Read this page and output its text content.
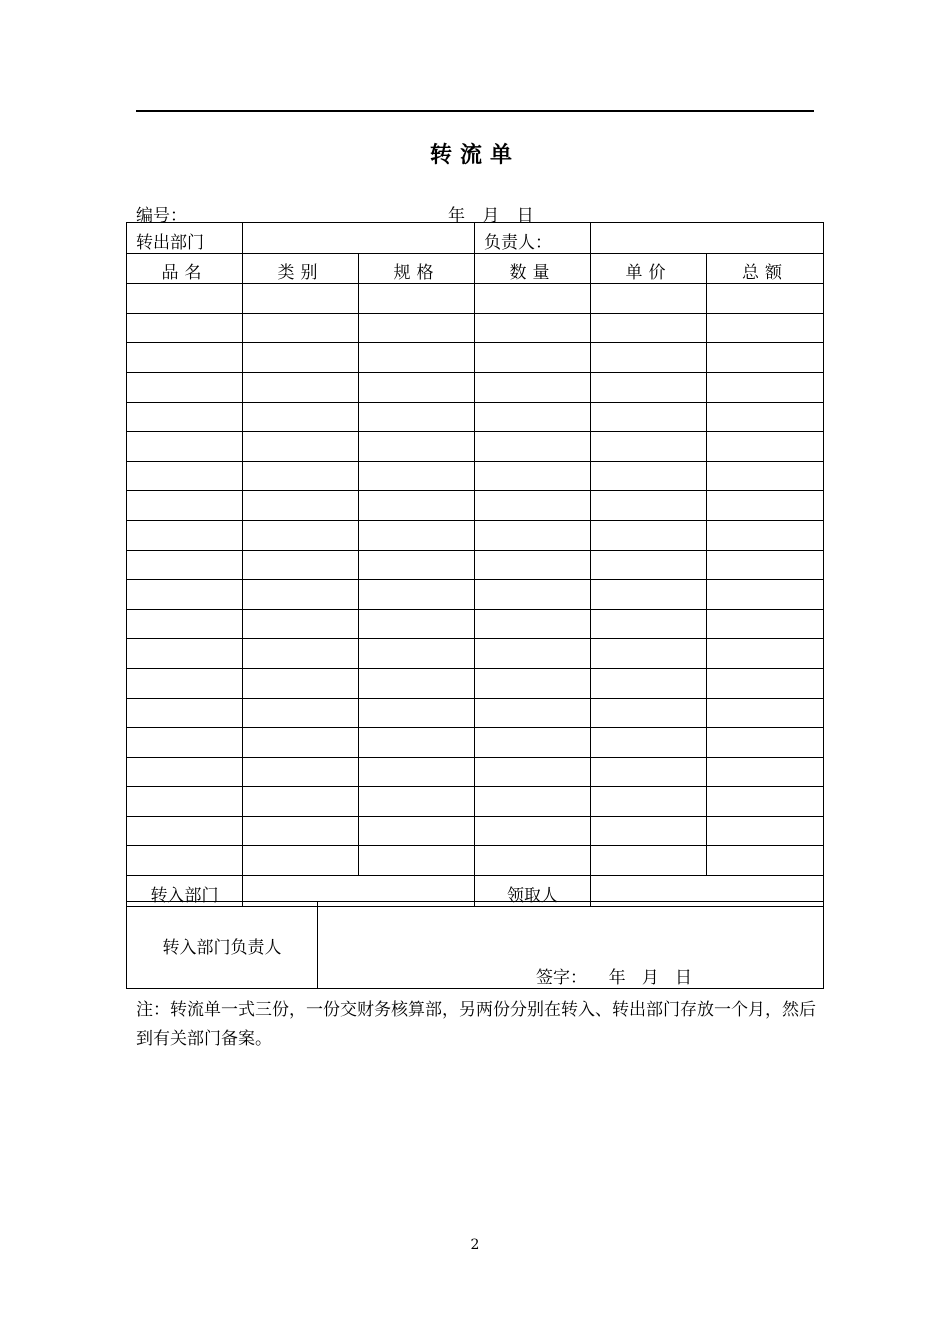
转流单
编号：	年 月 日
转出部门			负责人：		
品名	类别	规格	数量	单价	总额

转入部门			领取人		
转入部门负责人	
签字： 年   月   日
注：转流单一式三份，一份交财务核算部，另两份分别在转入、转出部门存放一个月，然后到有关部门备案。
2
